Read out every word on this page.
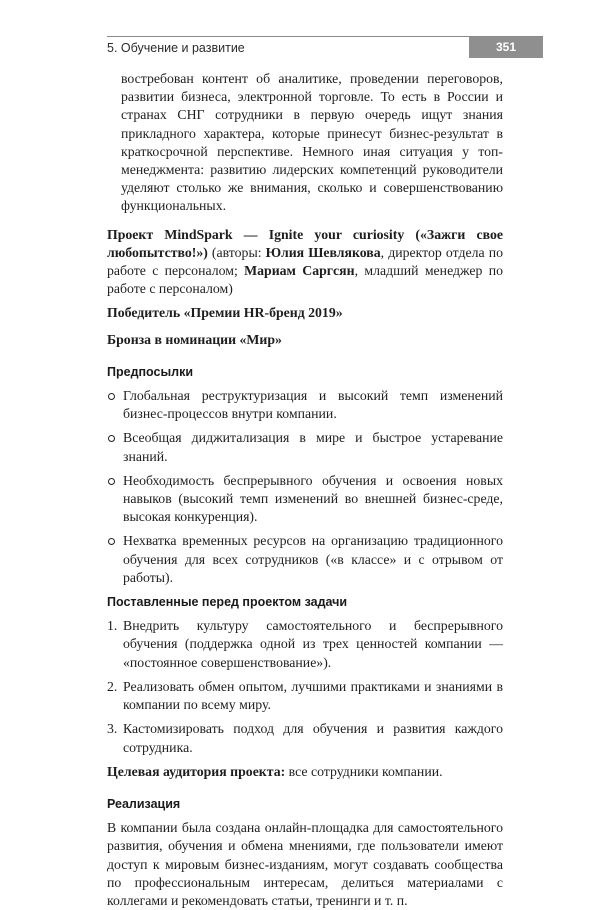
5. Обучение и развитие	351

востребован контент об аналитике, проведении переговоров, развитии бизнеса, электронной торговле. То есть в России и странах СНГ сотрудники в первую очередь ищут знания прикладного характера, которые принесут бизнес-результат в краткосрочной перспективе. Немного иная ситуация у топ-менеджмента: развитию лидерских компетенций руководители уделяют столько же внимания, сколько и совершенствованию функциональных.

Проект MindSpark — Ignite your curiosity («Зажги свое любопытство!») (авторы: Юлия Шевлякова, директор отдела по работе с персоналом; Мариам Саргсян, младший менеджер по работе с персоналом)

Победитель «Премии HR-бренд 2019»

Бронза в номинации «Мир»

Предпосылки
Глобальная реструктуризация и высокий темп изменений бизнес-процессов внутри компании.
Всеобщая диджитализация в мире и быстрое устаревание знаний.
Необходимость беспрерывного обучения и освоения новых навыков (высокий темп изменений во внешней бизнес-среде, высокая конкуренция).
Нехватка временных ресурсов на организацию традиционного обучения для всех сотрудников («в классе» и с отрывом от работы).
Поставленные перед проектом задачи
1. Внедрить культуру самостоятельного и беспрерывного обучения (поддержка одной из трех ценностей компании — «постоянное совершенствование»).
2. Реализовать обмен опытом, лучшими практиками и знаниями в компании по всему миру.
3. Кастомизировать подход для обучения и развития каждого сотрудника.

Целевая аудитория проекта: все сотрудники компании.

Реализация

В компании была создана онлайн-площадка для самостоятельного развития, обучения и обмена мнениями, где пользователи имеют доступ к мировым бизнес-изданиям, могут создавать сообщества по профессиональным интересам, делиться материалами с коллегами и рекомендовать статьи, тренинги и т. п.
